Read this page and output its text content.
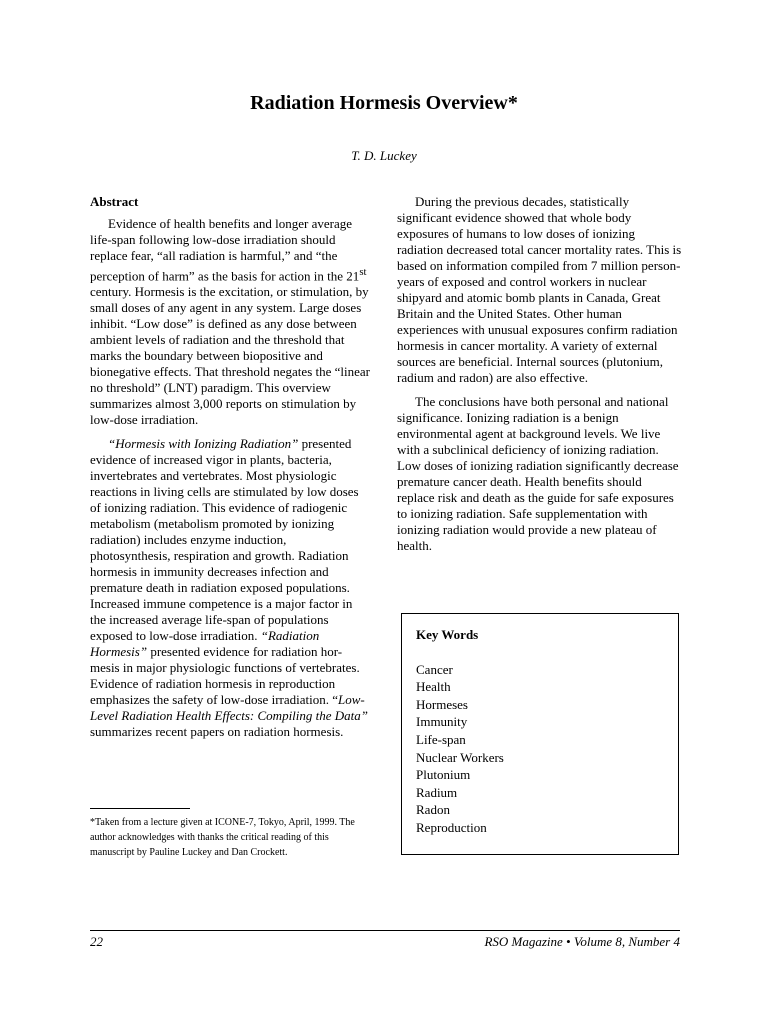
Radiation Hormesis Overview*
T. D. Luckey
Abstract

Evidence of health benefits and longer average life-span following low-dose irradiation should replace fear, “all radiation is harmful,” and “the perception of harm” as the basis for action in the 21st century. Hormesis is the excitation, or stimulation, by small doses of any agent in any system. Large doses inhibit. “Low dose” is defined as any dose between ambient levels of radiation and the threshold that marks the boundary between biopositive and bionegative effects. That threshold negates the “linear no threshold” (LNT) paradigm. This overview summarizes almost 3,000 reports on stimulation by low-dose irradiation.

“Hormesis with Ionizing Radiation” presented evidence of increased vigor in plants, bacteria, invertebrates and vertebrates. Most physiologic reactions in living cells are stimulated by low doses of ionizing radiation. This evidence of radiogenic metabolism (metabolism promoted by ionizing radiation) includes enzyme induction, photosynthesis, respiration and growth. Radiation hormesis in immunity decreases infection and premature death in radiation exposed populations. Increased immune competence is a major factor in the increased average life-span of populations exposed to low-dose irradiation. “Radiation Hormesis” presented evidence for radiation hor-mesis in major physiologic functions of vertebrates. Evidence of radiation hormesis in reproduction emphasizes the safety of low-dose irradiation. “Low-Level Radiation Health Effects: Compiling the Data” summarizes recent papers on radiation hormesis.

During the previous decades, statistically significant evidence showed that whole body exposures of humans to low doses of ionizing radiation decreased total cancer mortality rates. This is based on information compiled from 7 million person-years of exposed and control workers in nuclear shipyard and atomic bomb plants in Canada, Great Britain and the United States. Other human experiences with unusual exposures confirm radiation hormesis in cancer mortality. A variety of external sources are beneficial. Internal sources (plutonium, radium and radon) are also effective.

The conclusions have both personal and national significance. Ionizing radiation is a benign environmental agent at background levels. We live with a subclinical deficiency of ionizing radiation. Low doses of ionizing radiation significantly decrease premature cancer death. Health benefits should replace risk and death as the guide for safe exposures to ionizing radiation. Safe supplementation with ionizing radiation would provide a new plateau of health.

*Taken from a lecture given at ICONE-7, Tokyo, April, 1999. The author acknowledges with thanks the critical reading of this manuscript by Pauline Luckey and Dan Crockett.
Key Words
Cancer
Health
Hormeses
Immunity
Life-span
Nuclear Workers
Plutonium
Radium
Radon
Reproduction
22	RSO Magazine • Volume 8, Number 4
